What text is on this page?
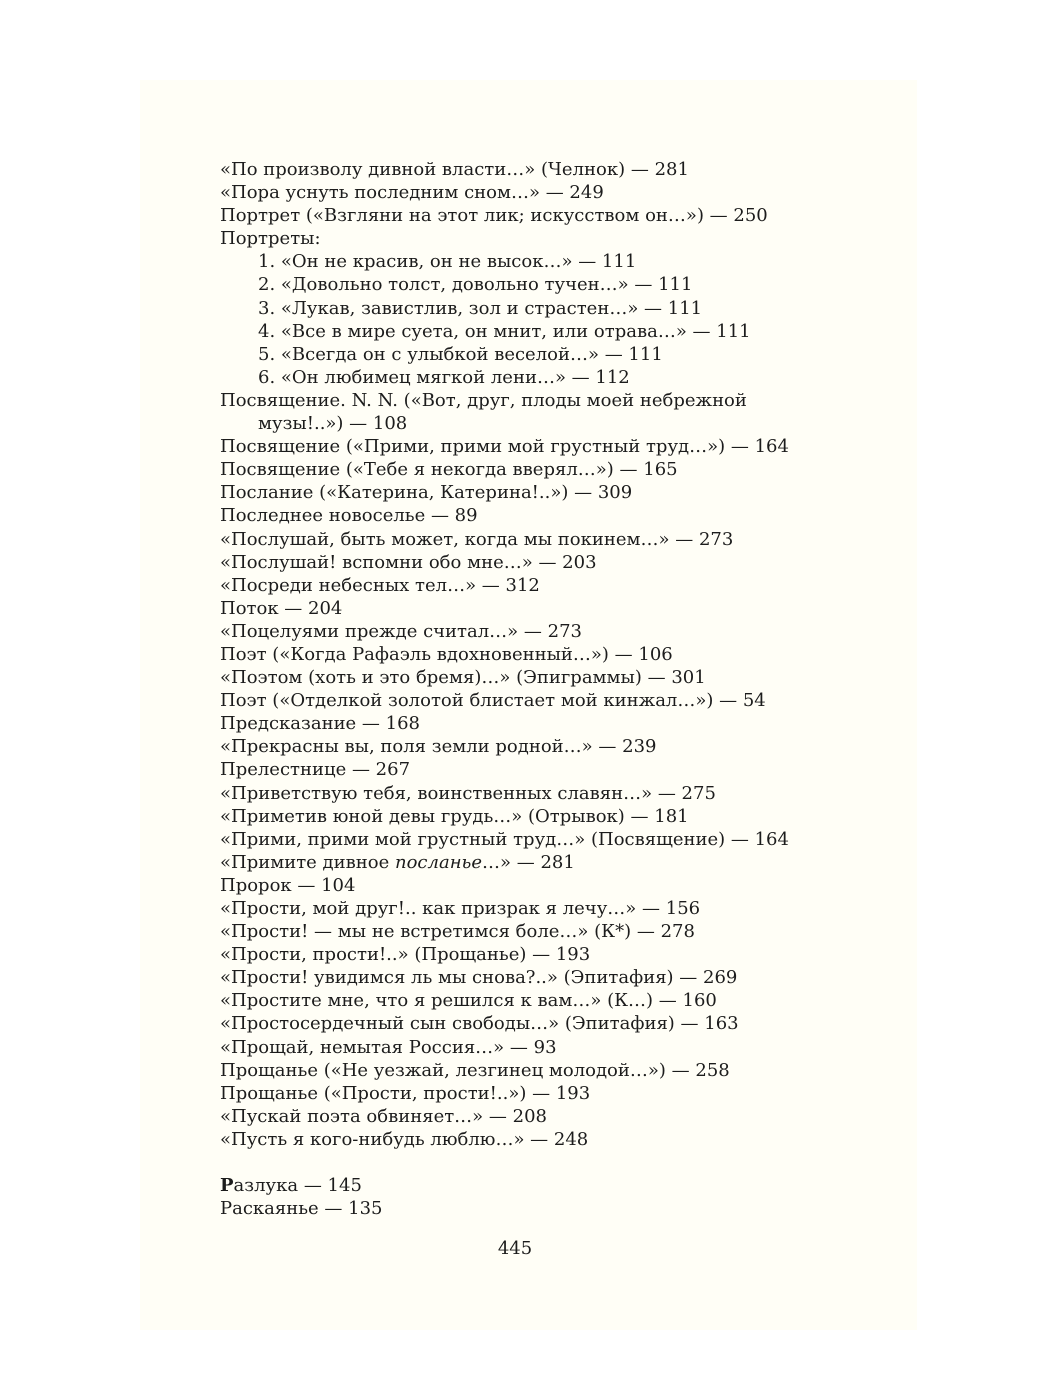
«По произволу дивной власти…» (Челнок) — 281
«Пора уснуть последним сном…» — 249
Портрет («Взгляни на этот лик; искусством он…») — 250
Портреты:
1. «Он не красив, он не высок…» — 111
2. «Довольно толст, довольно тучен…» — 111
3. «Лукав, завистлив, зол и страстен…» — 111
4. «Все в мире суета, он мнит, или отрава…» — 111
5. «Всегда он с улыбкой веселой…» — 111
6. «Он любимец мягкой лени…» — 112
Посвящение. N. N. («Вот, друг, плоды моей небрежной
музы!..») — 108
Посвящение («Прими, прими мой грустный труд…») — 164
Посвящение («Тебе я некогда вверял…») — 165
Послание («Катерина, Катерина!..») — 309
Последнее новоселье — 89
«Послушай, быть может, когда мы покинем…» — 273
«Послушай! вспомни обо мне…» — 203
«Посреди небесных тел…» — 312
Поток — 204
«Поцелуями прежде считал…» — 273
Поэт («Когда Рафаэль вдохновенный…») — 106
«Поэтом (хоть и это бремя)…» (Эпиграммы) — 301
Поэт («Отделкой золотой блистает мой кинжал…») — 54
Предсказание — 168
«Прекрасны вы, поля земли родной…» — 239
Прелестнице — 267
«Приветствую тебя, воинственных славян…» — 275
«Приметив юной девы грудь…» (Отрывок) — 181
«Прими, прими мой грустный труд…» (Посвящение) — 164
«Примите дивное посланье…» — 281
Пророк — 104
«Прости, мой друг!.. как призрак я лечу…» — 156
«Прости! — мы не встретимся боле…» (К*) — 278
«Прости, прости!..» (Прощанье) — 193
«Прости! увидимся ль мы снова?..» (Эпитафия) — 269
«Простите мне, что я решился к вам…» (К…) — 160
«Простосердечный сын свободы…» (Эпитафия) — 163
«Прощай, немытая Россия…» — 93
Прощанье («Не уезжай, лезгинец молодой…») — 258
Прощанье («Прости, прости!..») — 193
«Пускай поэта обвиняет…» — 208
«Пусть я кого-нибудь люблю…» — 248
Разлука — 145
Раскаянье — 135
445
